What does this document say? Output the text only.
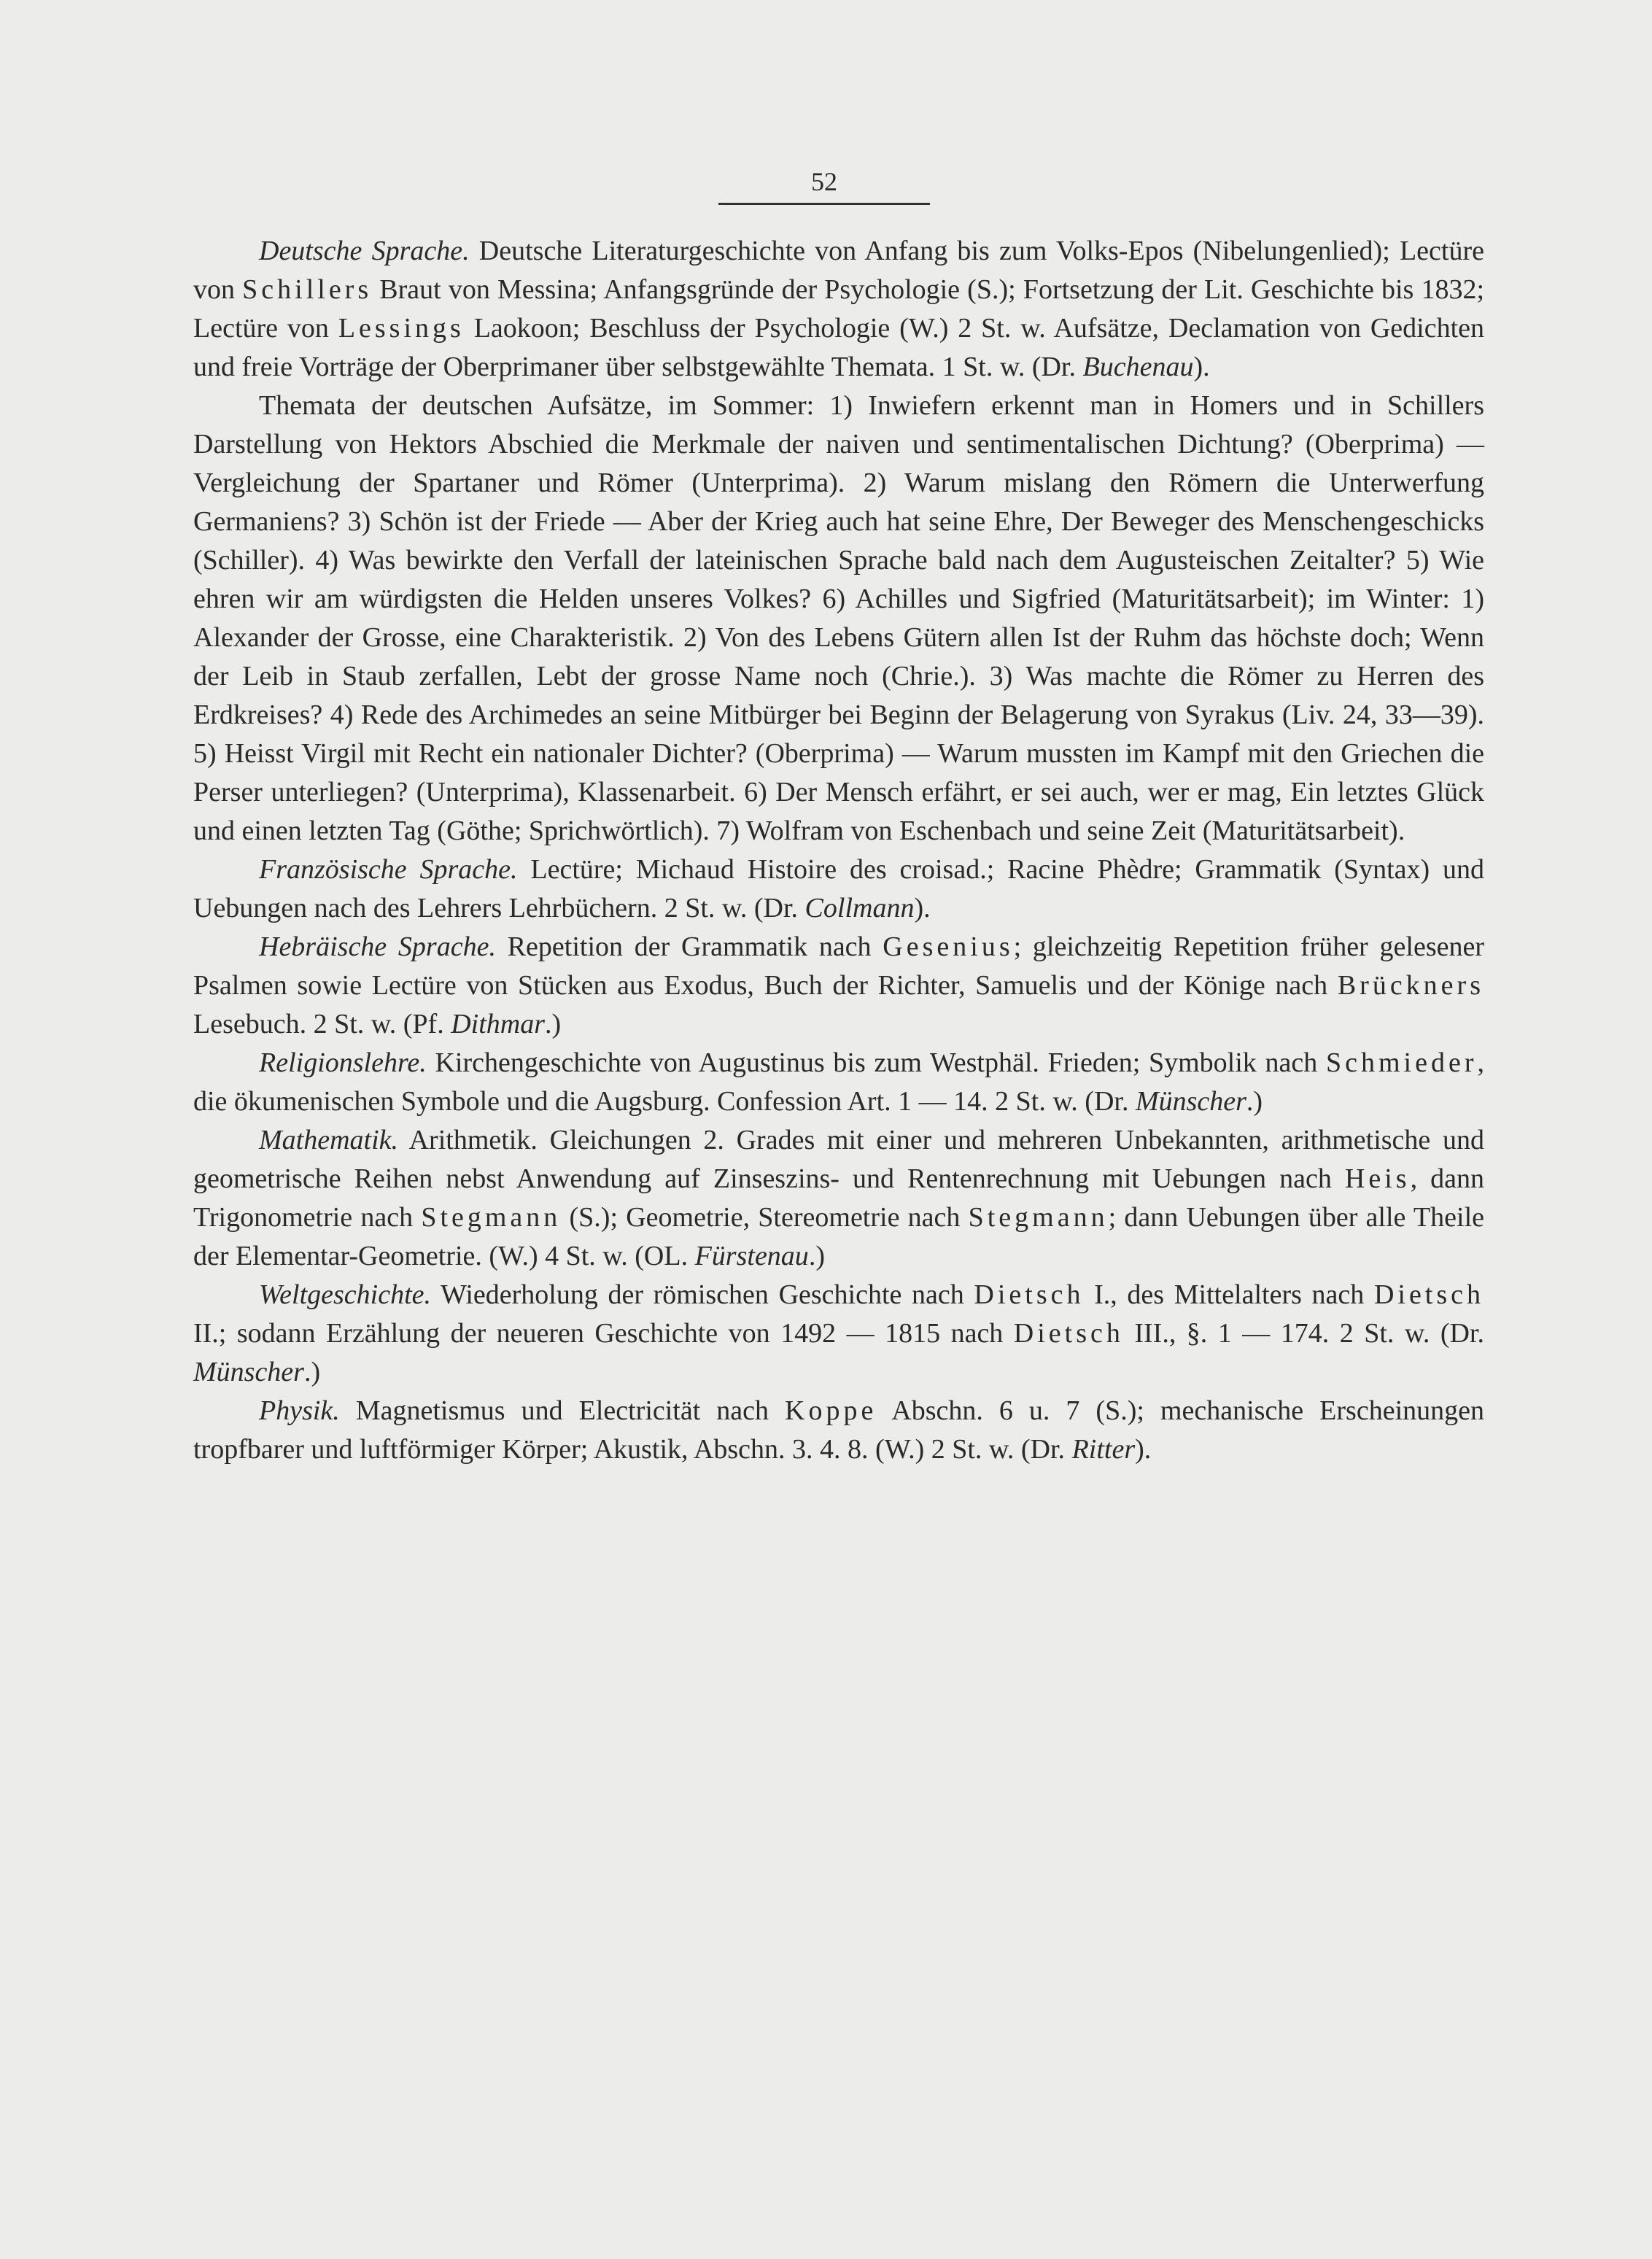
52

Deutsche Sprache. Deutsche Literaturgeschichte von Anfang bis zum Volks-Epos (Nibelungenlied); Lectüre von Schillers Braut von Messina; Anfangsgründe der Psychologie (S.); Fortsetzung der Lit. Geschichte bis 1832; Lectüre von Lessings Laokoon; Beschluss der Psychologie (W.) 2 St. w. Aufsätze, Declamation von Gedichten und freie Vorträge der Oberprimaner über selbstgewählte Themata. 1 St. w. (Dr. Buchenau).

Themata der deutschen Aufsätze, im Sommer: 1) Inwiefern erkennt man in Homers und in Schillers Darstellung von Hektors Abschied die Merkmale der naiven und sentimentalischen Dichtung? (Oberprima) — Vergleichung der Spartaner und Römer (Unterprima). 2) Warum mislang den Römern die Unterwerfung Germaniens? 3) Schön ist der Friede — Aber der Krieg auch hat seine Ehre, Der Beweger des Menschengeschicks (Schiller). 4) Was bewirkte den Verfall der lateinischen Sprache bald nach dem Augusteischen Zeitalter? 5) Wie ehren wir am würdigsten die Helden unseres Volkes? 6) Achilles und Sigfried (Maturitätsarbeit); im Winter: 1) Alexander der Grosse, eine Charakteristik. 2) Von des Lebens Gütern allen Ist der Ruhm das höchste doch; Wenn der Leib in Staub zerfallen, Lebt der grosse Name noch (Chrie.). 3) Was machte die Römer zu Herren des Erdkreises? 4) Rede des Archimedes an seine Mitbürger bei Beginn der Belagerung von Syrakus (Liv. 24, 33—39). 5) Heisst Virgil mit Recht ein nationaler Dichter? (Oberprima) — Warum mussten im Kampf mit den Griechen die Perser unterliegen? (Unterprima), Klassenarbeit. 6) Der Mensch erfährt, er sei auch, wer er mag, Ein letztes Glück und einen letzten Tag (Göthe; Sprichwörtlich). 7) Wolfram von Eschenbach und seine Zeit (Maturitätsarbeit).

Französische Sprache. Lectüre; Michaud Histoire des croisad.; Racine Phèdre; Grammatik (Syntax) und Uebungen nach des Lehrers Lehrbüchern. 2 St. w. (Dr. Collmann).

Hebräische Sprache. Repetition der Grammatik nach Gesenius; gleichzeitig Repetition früher gelesener Psalmen sowie Lectüre von Stücken aus Exodus, Buch der Richter, Samuelis und der Könige nach Brückners Lesebuch. 2 St. w. (Pf. Dithmar.)

Religionslehre. Kirchengeschichte von Augustinus bis zum Westphäl. Frieden; Symbolik nach Schmieder, die ökumenischen Symbole und die Augsburg. Confession Art. 1 — 14. 2 St. w. (Dr. Münscher.)

Mathematik. Arithmetik. Gleichungen 2. Grades mit einer und mehreren Unbekannten, arithmetische und geometrische Reihen nebst Anwendung auf Zinseszins- und Rentenrechnung mit Uebungen nach Heis, dann Trigonometrie nach Stegmann (S.); Geometrie, Stereometrie nach Stegmann; dann Uebungen über alle Theile der Elementar-Geometrie. (W.) 4 St. w. (OL. Fürstenau.)

Weltgeschichte. Wiederholung der römischen Geschichte nach Dietsch I., des Mittelalters nach Dietsch II.; sodann Erzählung der neueren Geschichte von 1492 — 1815 nach Dietsch III., §. 1 — 174. 2 St. w. (Dr. Münscher.)

Physik. Magnetismus und Electricität nach Koppe Abschn. 6 u. 7 (S.); mechanische Erscheinungen tropfbarer und luftförmiger Körper; Akustik, Abschn. 3. 4. 8. (W.) 2 St. w. (Dr. Ritter).
